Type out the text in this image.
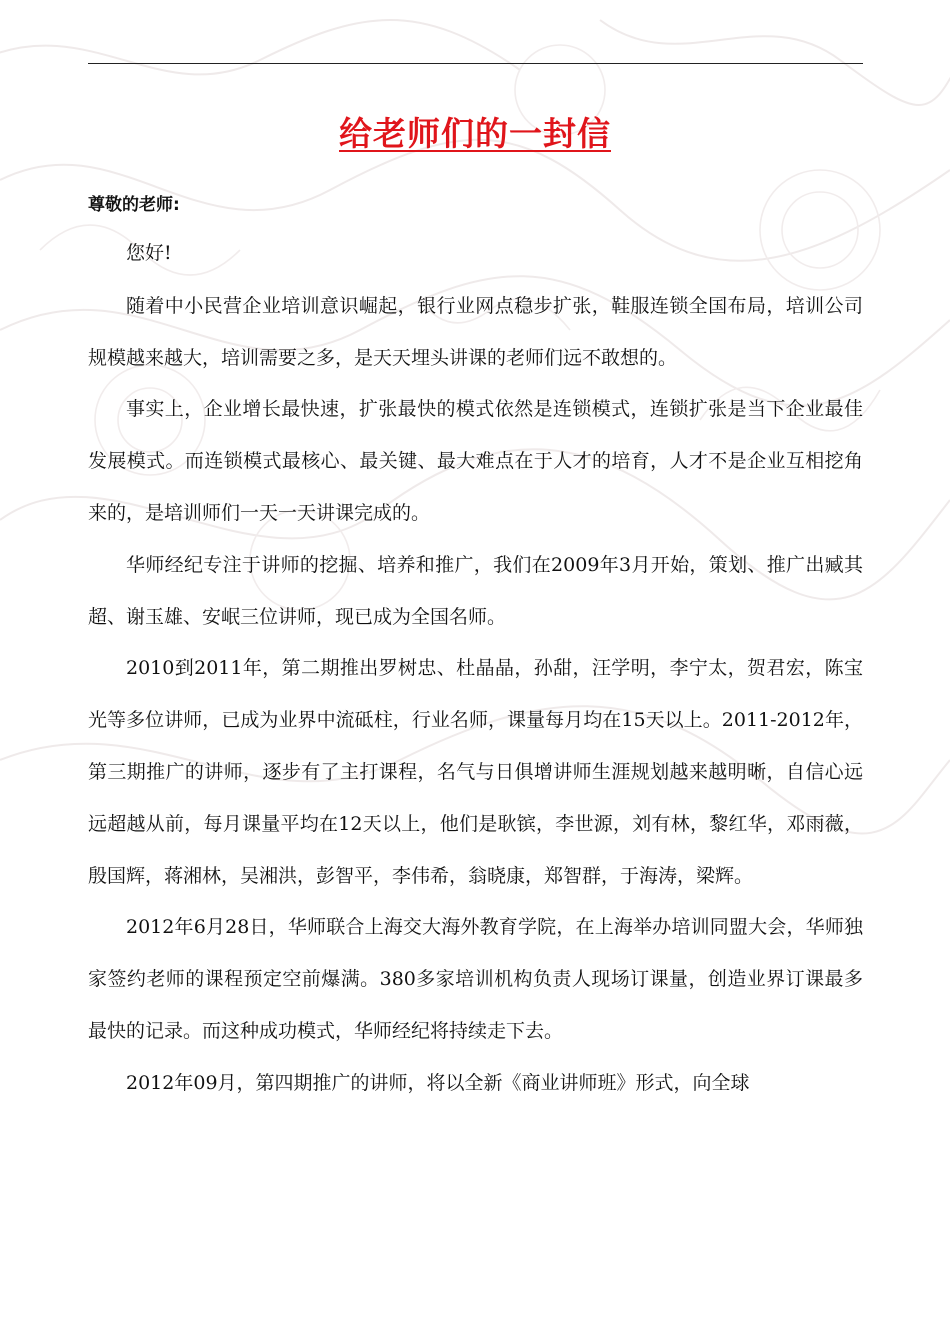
给老师们的一封信
尊敬的老师:

您好!

随着中小民营企业培训意识崛起，银行业网点稳步扩张，鞋服连锁全国布局，培训公司规模越来越大，培训需要之多，是天天埋头讲课的老师们远不敢想的。

事实上，企业增长最快速，扩张最快的模式依然是连锁模式，连锁扩张是当下企业最佳发展模式。而连锁模式最核心、最关键、最大难点在于人才的培育，人才不是企业互相挖角来的，是培训师们一天一天讲课完成的。

华师经纪专注于讲师的挖掘、培养和推广，我们在2009年3月开始，策划、推广出臧其超、谢玉雄、安岷三位讲师，现已成为全国名师。

2010到2011年，第二期推出罗树忠、杜晶晶，孙甜，汪学明，李宁太，贺君宏，陈宝光等多位讲师，已成为业界中流砥柱，行业名师，课量每月均在15天以上。2011-2012年，第三期推广的讲师，逐步有了主打课程，名气与日俱增讲师生涯规划越来越明晰，自信心远远超越从前，每月课量平均在12天以上，他们是耿镔，李世源，刘有林，黎红华，邓雨薇，殷国辉，蒋湘林，吴湘洪，彭智平，李伟希，翁晓康，郑智群，于海涛，梁辉。

2012年6月28日，华师联合上海交大海外教育学院，在上海举办培训同盟大会，华师独家签约老师的课程预定空前爆满。380多家培训机构负责人现场订课量，创造业界订课最多最快的记录。而这种成功模式，华师经纪将持续走下去。

2012年09月，第四期推广的讲师，将以全新《商业讲师班》形式，向全球
